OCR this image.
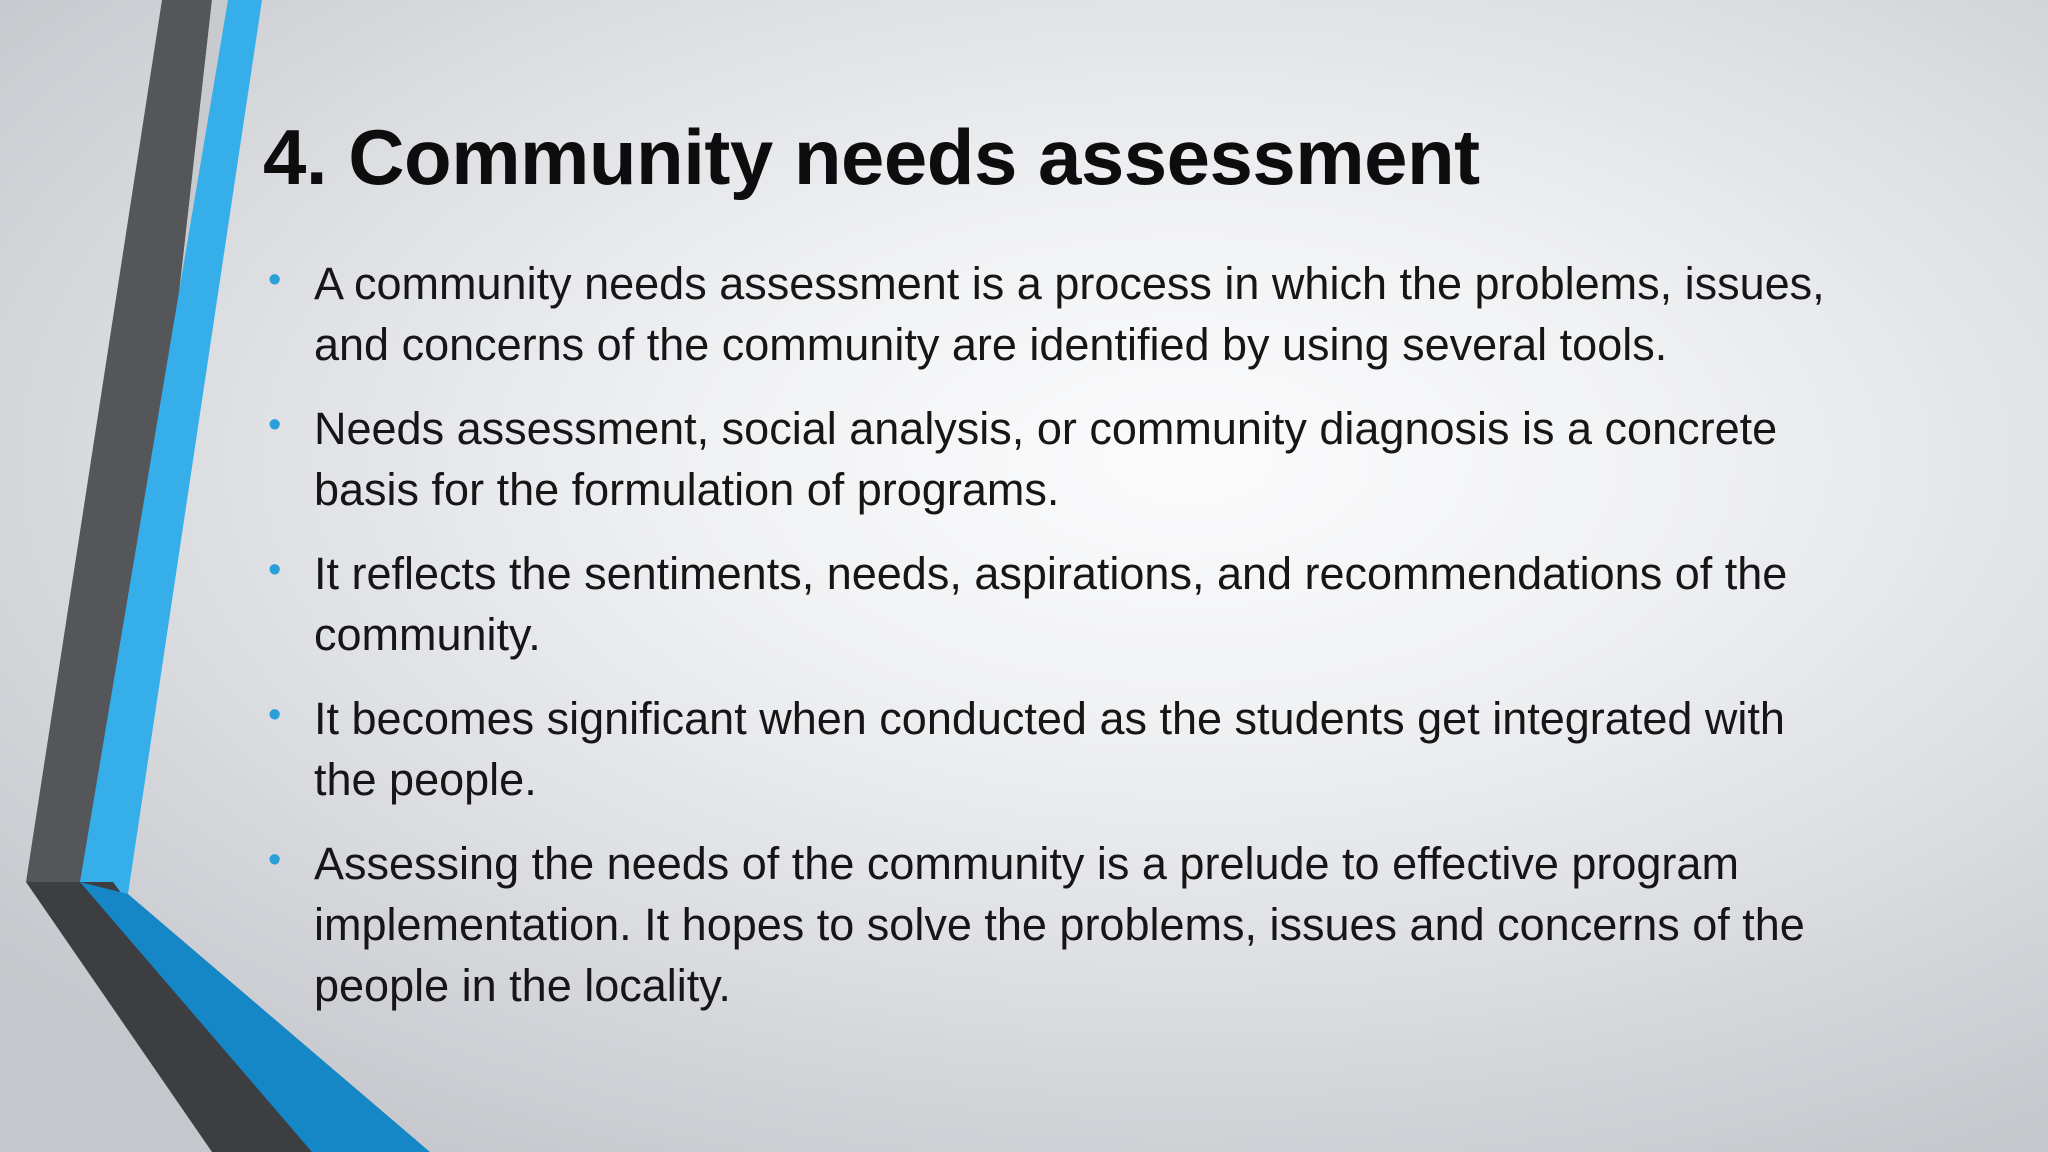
4. Community needs assessment
• A community needs assessment is a process in which the problems, issues,
and concerns of the community are identified by using several tools.
• Needs assessment, social analysis, or community diagnosis is a concrete
basis for the formulation of programs.
• It reflects the sentiments, needs, aspirations, and recommendations of the
community.
• It becomes significant when conducted as the students get integrated with
the people.
• Assessing the needs of the community is a prelude to effective program
implementation. It hopes to solve the problems, issues and concerns of the
people in the locality.
